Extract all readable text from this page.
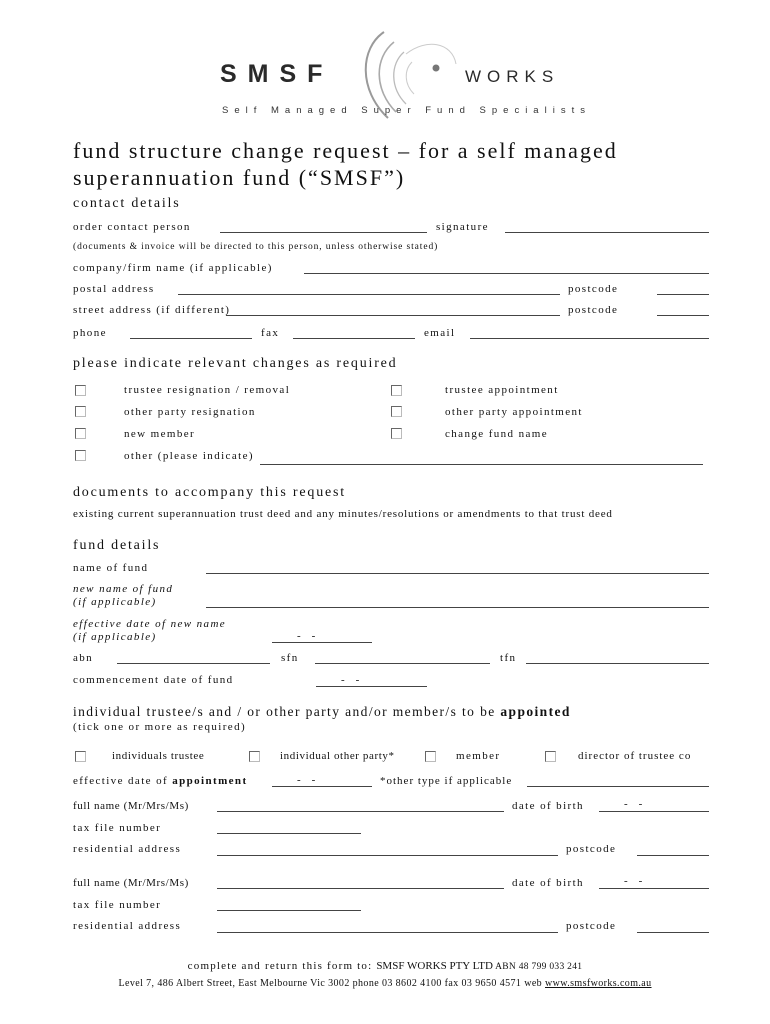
SMSF	WORKS
Self Managed Super Fund Specialists
fund structure change request – for a self managed
superannuation fund (“SMSF”)
contact details
order contact person	signature
(documents & invoice will be directed to this person, unless otherwise stated)
company/firm name (if applicable)
postal address	postcode
street address (if different)	postcode
phone	fax	email
please indicate relevant changes as required
trustee resignation / removal	trustee appointment
other party resignation	other party appointment
new member	change fund name
other (please indicate)
documents to accompany this request
existing current superannuation trust deed and any minutes/resolutions or amendments to that trust deed
fund details
name of fund
new name of fund
(if applicable)
effective date of new name
(if applicable)	-    -
abn	sfn	tfn
commencement date of fund	-    -
individual trustee/s and / or other party and/or member/s to be appointed
(tick one or more as required)
individuals trustee	individual other party*	member	director of trustee co
effective date of appointment	-    -	*other type if applicable
full name (Mr/Mrs/Ms)	date of birth	-    -
tax file number
residential address	postcode
full name (Mr/Mrs/Ms)	date of birth	-    -
tax file number
residential address	postcode
complete and return this form to: SMSF WORKS PTY LTD ABN 48 799 033 241
Level 7, 486 Albert Street, East Melbourne Vic 3002 phone 03 8602 4100 fax 03 9650 4571 web www.smsfworks.com.au
